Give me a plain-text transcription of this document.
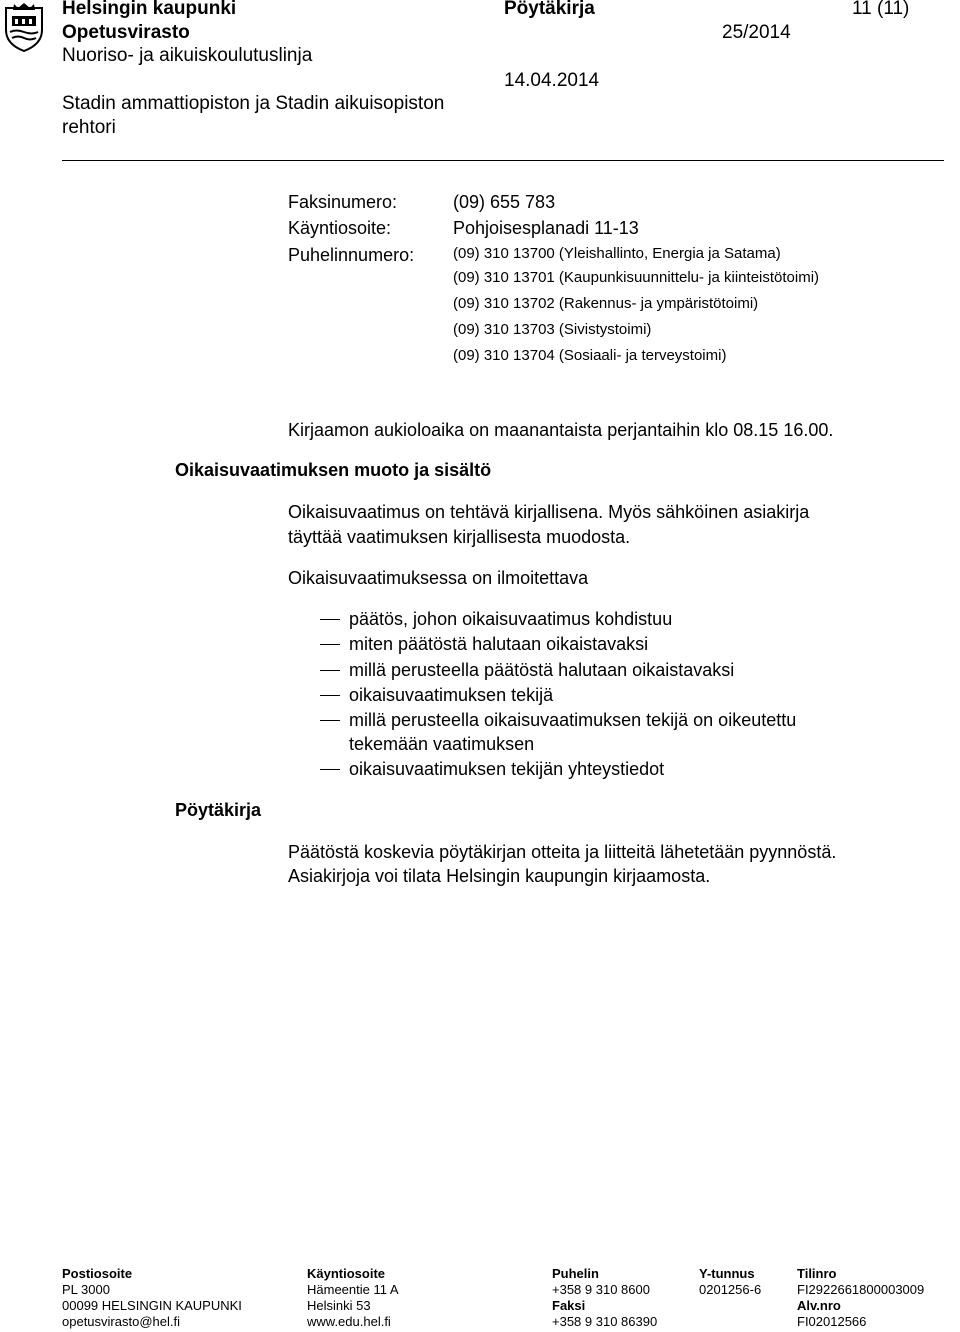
Helsingin kaupunki
Opetusvirasto
Nuoriso- ja aikuiskoulutuslinja
Stadin ammattiopiston ja Stadin aikuisopiston
rehtori
Pöytäkirja
25/2014
14.04.2014
11 (11)
Faksinumero:	(09) 655 783
Käyntiosoite:	Pohjoisesplanadi 11-13
Puhelinnumero:	(09) 310 13700 (Yleishallinto, Energia ja Satama)
(09) 310 13701 (Kaupunkisuunnittelu- ja kiinteistötoimi)
(09) 310 13702 (Rakennus- ja ympäristötoimi)
(09) 310 13703 (Sivistystoimi)
(09) 310 13704 (Sosiaali- ja terveystoimi)
Kirjaamon aukioloaika on maanantaista perjantaihin klo 08.15 16.00.
Oikaisuvaatimuksen muoto ja sisältö
Oikaisuvaatimus on tehtävä kirjallisena. Myös sähköinen asiakirja
täyttää vaatimuksen kirjallisesta muodosta.
Oikaisuvaatimuksessa on ilmoitettava
päätös, johon oikaisuvaatimus kohdistuu
miten päätöstä halutaan oikaistavaksi
millä perusteella päätöstä halutaan oikaistavaksi
oikaisuvaatimuksen tekijä
millä perusteella oikaisuvaatimuksen tekijä on oikeutettu
tekemään vaatimuksen
oikaisuvaatimuksen tekijän yhteystiedot
Pöytäkirja
Päätöstä koskevia pöytäkirjan otteita ja liitteitä lähetetään pyynnöstä.
Asiakirjoja voi tilata Helsingin kaupungin kirjaamosta.
Postiosoite
PL 3000
00099 HELSINGIN KAUPUNKI
opetusvirasto@hel.fi
Käyntiosoite
Hämeentie 11 A
Helsinki 53
www.edu.hel.fi
Puhelin
+358 9 310 8600
Faksi
+358 9 310 86390
Y-tunnus
0201256-6
Tilinro
FI2922661800003009
Alv.nro
FI02012566
